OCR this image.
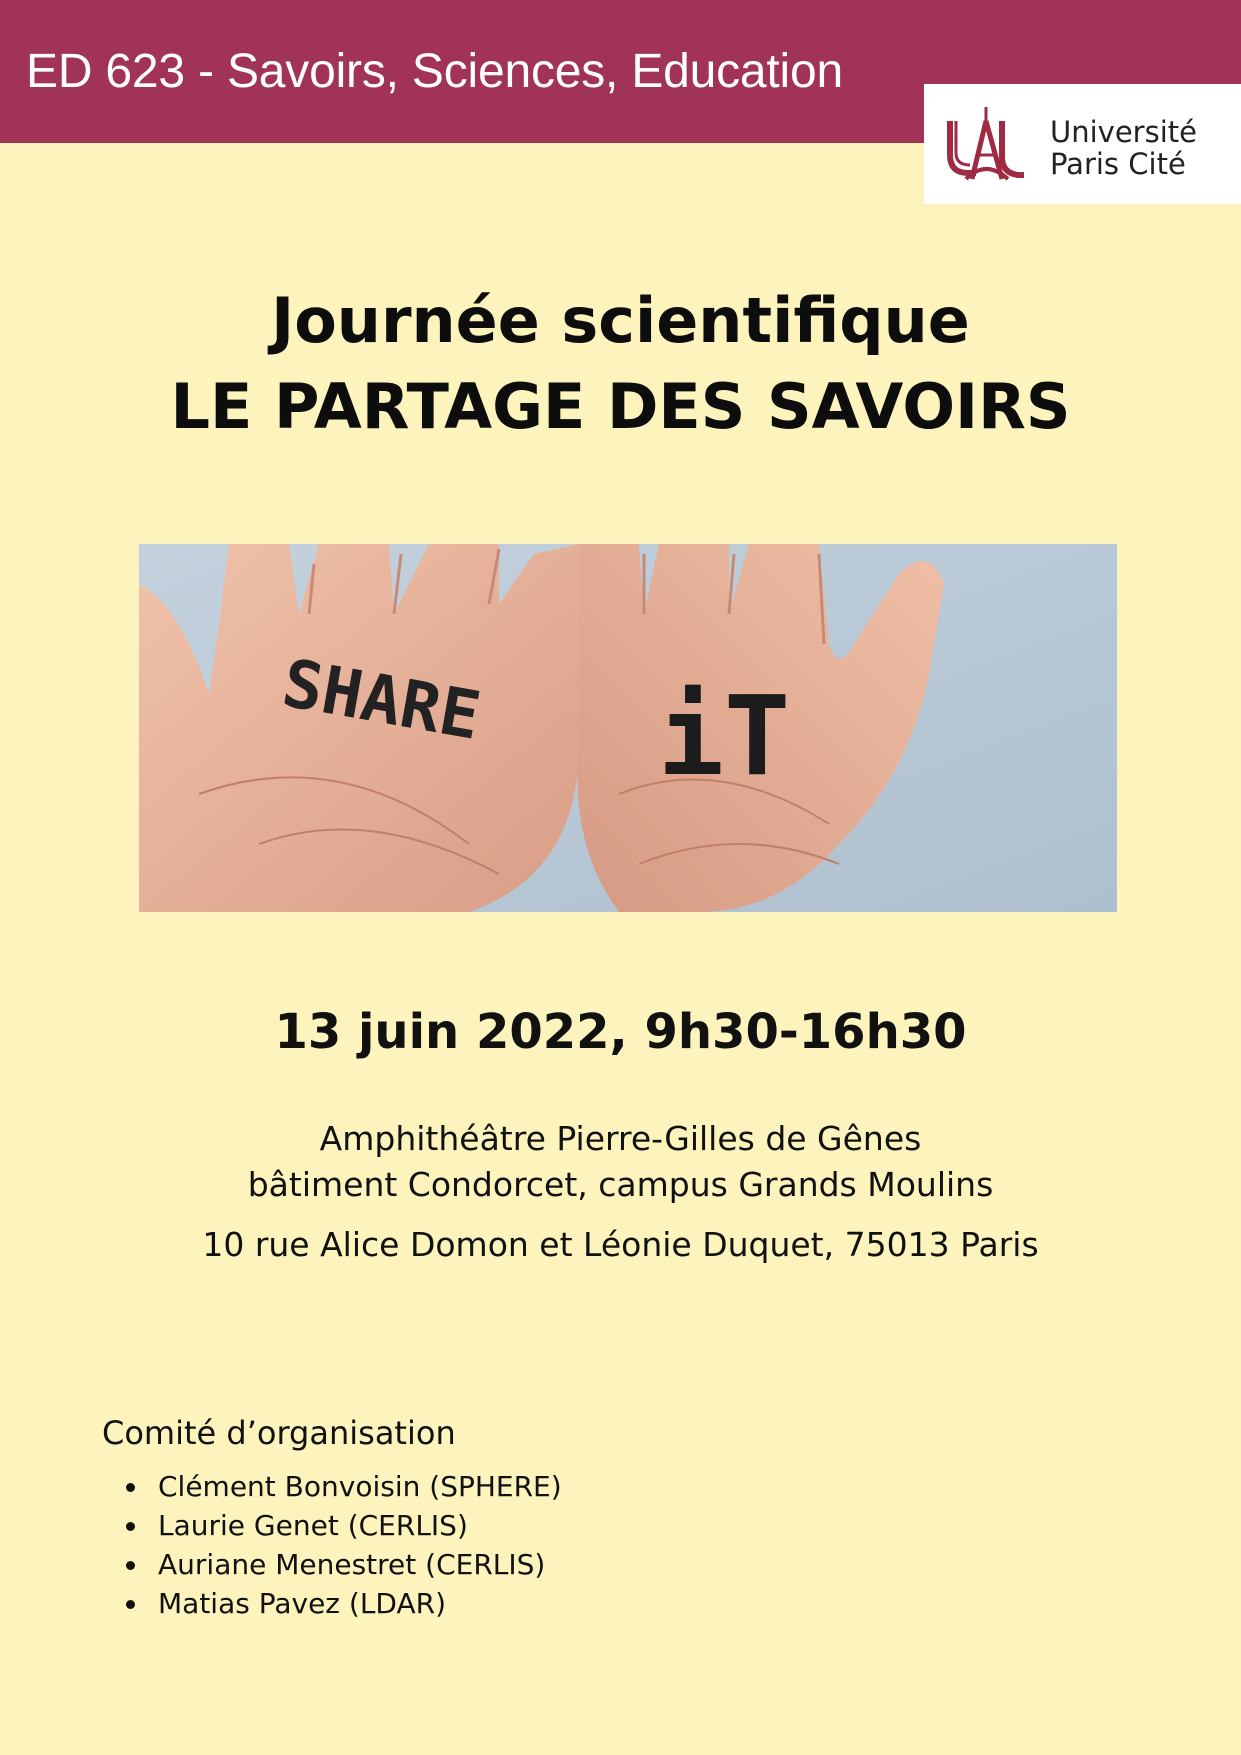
ED 623 - Savoirs, Sciences, Education
Université
Paris Cité
Journée scientifique
LE PARTAGE DES SAVOIRS
SHARE iT
13 juin 2022, 9h30-16h30
Amphithéâtre Pierre-Gilles de Gênes
bâtiment Condorcet, campus Grands Moulins
10 rue Alice Domon et Léonie Duquet, 75013 Paris
Comité d’organisation
Clément Bonvoisin (SPHERE)
Laurie Genet (CERLIS)
Auriane Menestret (CERLIS)
Matias Pavez (LDAR)
